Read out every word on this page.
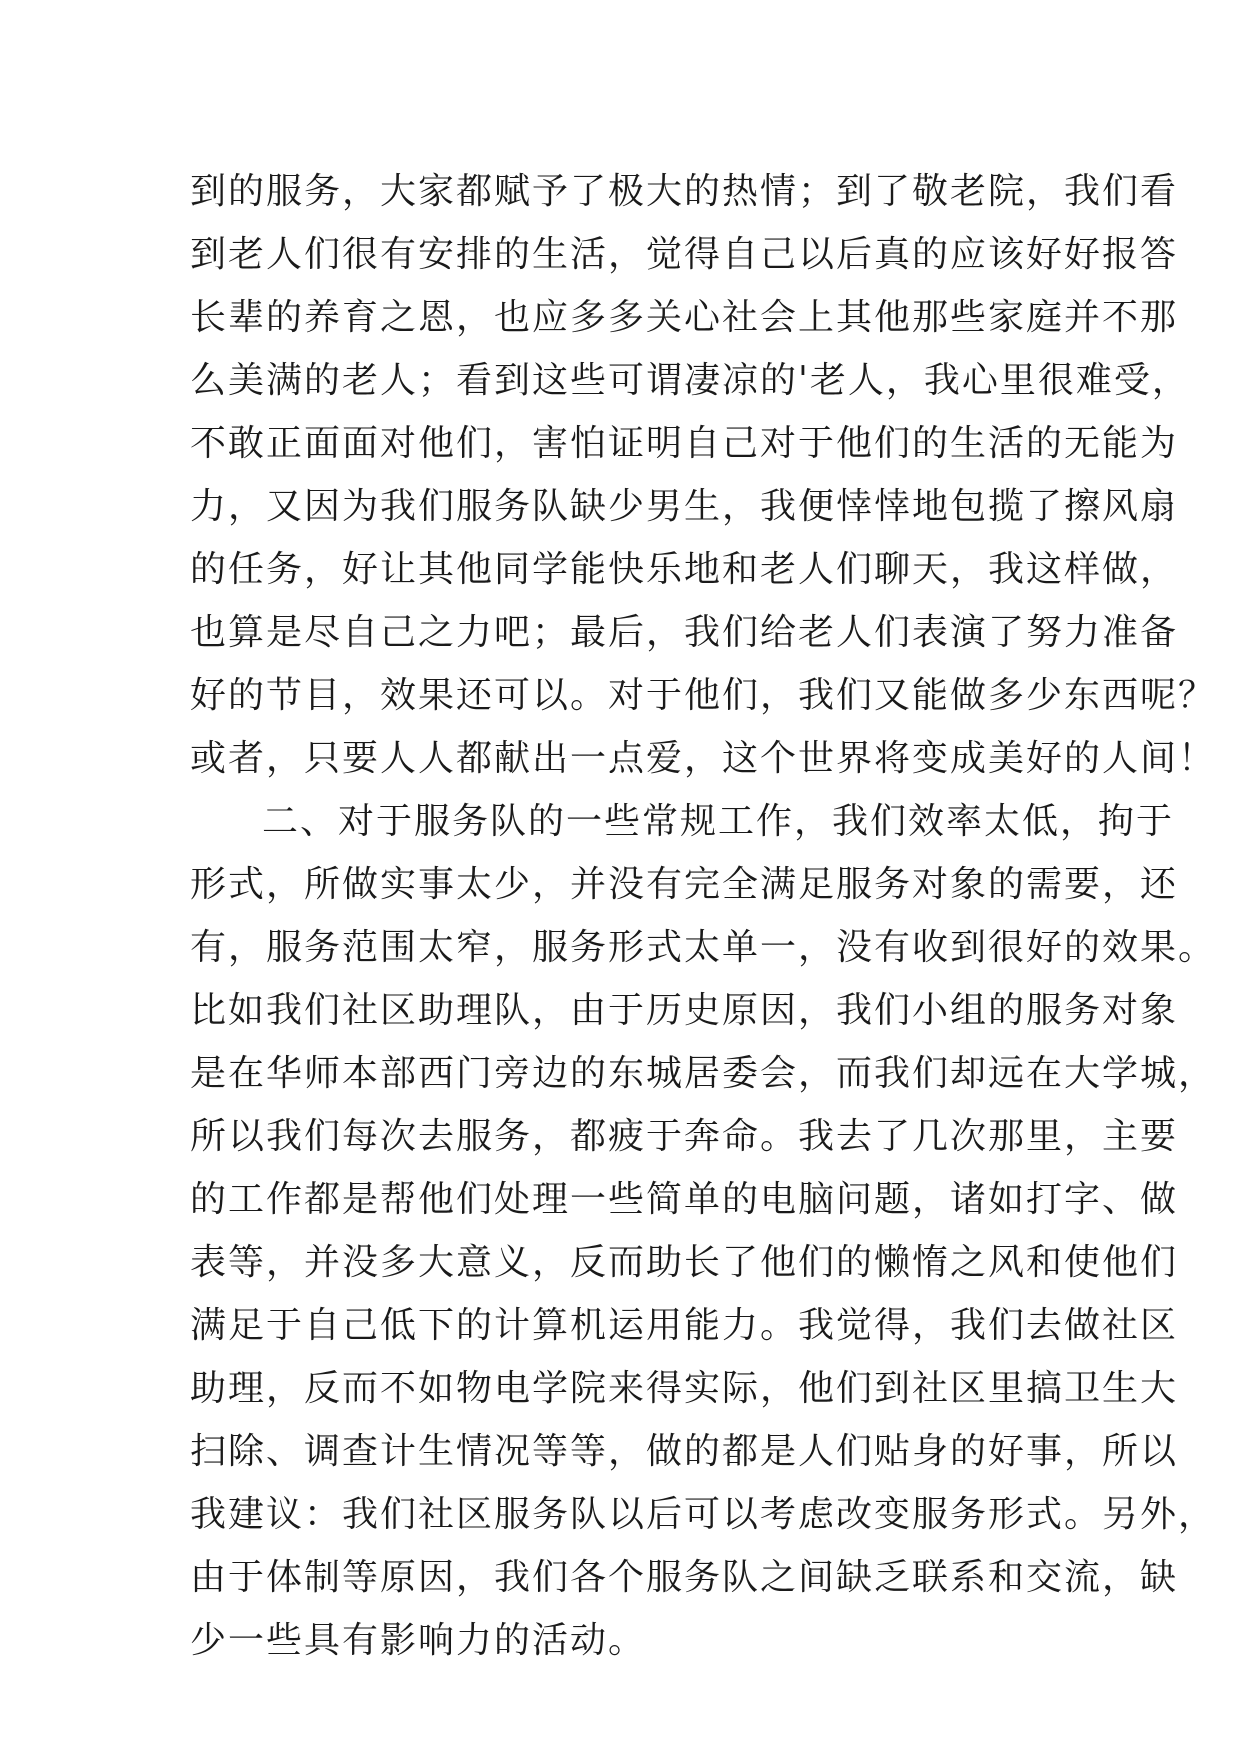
到的服务，大家都赋予了极大的热情；到了敬老院，我们看
到老人们很有安排的生活，觉得自己以后真的应该好好报答
长辈的养育之恩，也应多多关心社会上其他那些家庭并不那
么美满的老人；看到这些可谓凄凉的'老人，我心里很难受，
不敢正面面对他们，害怕证明自己对于他们的生活的无能为
力，又因为我们服务队缺少男生，我便悻悻地包揽了擦风扇
的任务，好让其他同学能快乐地和老人们聊天，我这样做，
也算是尽自己之力吧；最后，我们给老人们表演了努力准备
好的节目，效果还可以。对于他们，我们又能做多少东西呢？
或者，只要人人都献出一点爱，这个世界将变成美好的人间！
二、对于服务队的一些常规工作，我们效率太低，拘于
形式，所做实事太少，并没有完全满足服务对象的需要，还
有，服务范围太窄，服务形式太单一，没有收到很好的效果。
比如我们社区助理队，由于历史原因，我们小组的服务对象
是在华师本部西门旁边的东城居委会，而我们却远在大学城，
所以我们每次去服务，都疲于奔命。我去了几次那里，主要
的工作都是帮他们处理一些简单的电脑问题，诸如打字、做
表等，并没多大意义，反而助长了他们的懒惰之风和使他们
满足于自己低下的计算机运用能力。我觉得，我们去做社区
助理，反而不如物电学院来得实际，他们到社区里搞卫生大
扫除、调查计生情况等等，做的都是人们贴身的好事，所以
我建议：我们社区服务队以后可以考虑改变服务形式。另外，
由于体制等原因，我们各个服务队之间缺乏联系和交流，缺
少一些具有影响力的活动。
